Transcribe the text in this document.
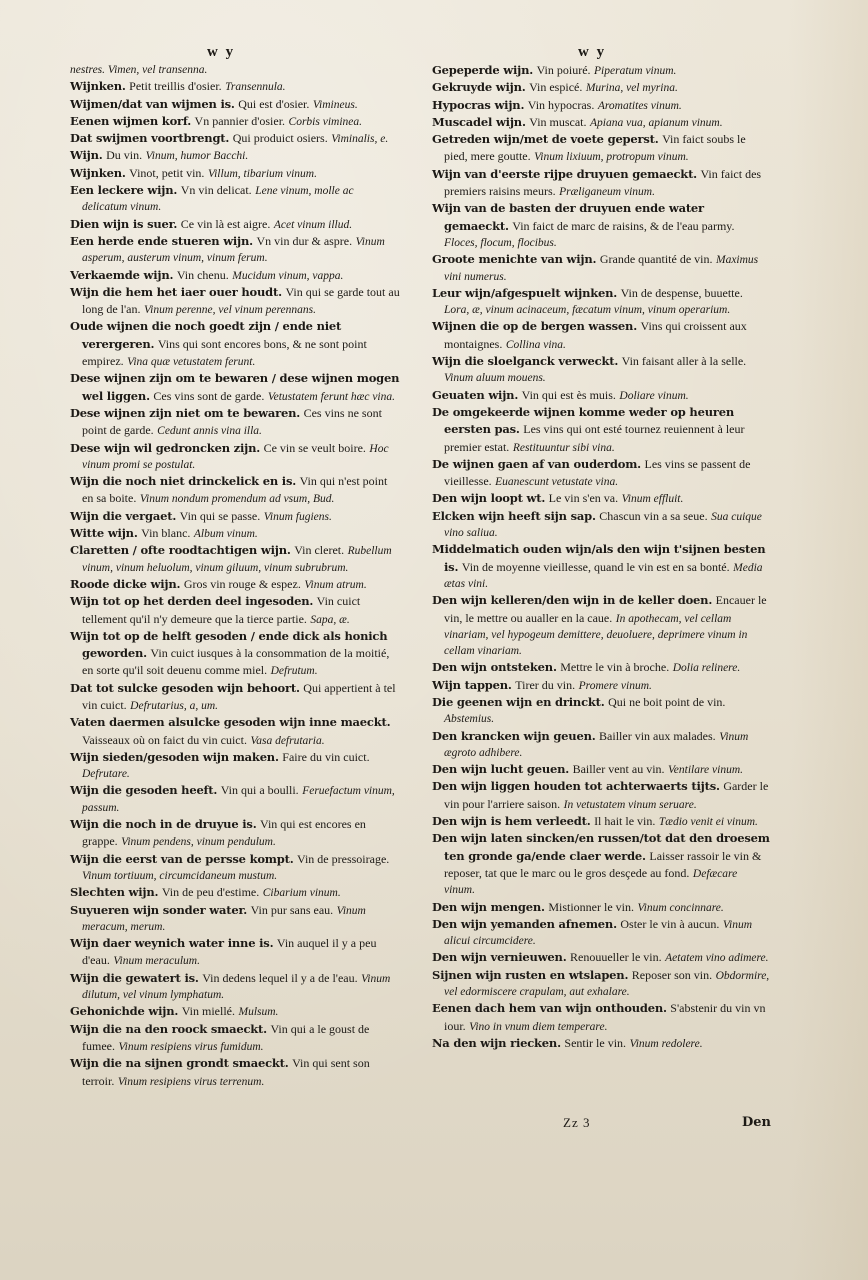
w y	w y
nestres. Vimen, vel transenna.
Wijnken. Petit treillis d'osier. Transennula.
Wijmen/dat van wijmen is. Qui est d'osier. Vimineus.
Eenen wijmen korf. Vn pannier d'osier. Corbis viminea.
Dat swijmen voortbrengt. Qui produict osiers. Viminalis, e.
Wijn. Du vin. Vinum, humor Bacchi.
Wijnken. Vinot, petit vin. Villum, tibarium vinum.
Een leckere wijn. Vn vin delicat. Lene vinum, molle ac delicatum vinum.
Dien wijn is suer. Ce vin là est aigre. Acet vinum illud.
Een herde ende stueren wijn. Vn vin dur & aspre. Vinum asperum, austerum vinum, vinum ferum.
Verkaemde wijn. Vin chenu. Mucidum vinum, vappa.
Wijn die hem het iaer ouer houdt. Vin qui se garde tout au long de l'an. Vinum perenne, vel vinum perennans.
Oude wijnen die noch goedt zijn / ende niet verergeren. Vins qui sont encores bons, & ne sont point empirez. Vina quæ vetustatem ferunt.
Dese wijnen zijn om te bewaren / dese wijnen mogen wel liggen. Ces vins sont de garde. Vetustatem ferunt hæc vina.
Dese wijnen zijn niet om te bewaren. Ces vins ne sont point de garde. Cedunt annis vina illa.
Dese wijn wil gedroncken zijn. Ce vin se veult boire. Hoc vinum promi se postulat.
Wijn die noch niet drinckelick en is. Vin qui n'est point en sa boite. Vinum nondum promendum ad vsum, Bud.
Wijn die vergaet. Vin qui se passe. Vinum fugiens.
Witte wijn. Vin blanc. Album vinum.
Claretten / ofte roodtachtigen wijn. Vin cleret. Rubellum vinum, vinum heluolum, vinum giluum, vinum subrubrum.
Roode dicke wijn. Gros vin rouge & espez. Vinum atrum.
Wijn tot op het derden deel ingesoden. Vin cuict tellement qu'il n'y demeure que la tierce partie. Sapa, æ.
Wijn tot op de helft gesoden / ende dick als honich geworden. Vin cuict iusques à la consommation de la moitié, en sorte qu'il soit deuenu comme miel. Defrutum.
Dat tot sulcke gesoden wijn behoort. Qui appertient à tel vin cuict. Defrutarius, a, um.
Vaten daermen alsulcke gesoden wijn inne maeckt. Vaisseaux où on faict du vin cuict. Vasa defrutaria.
Wijn sieden/gesoden wijn maken. Faire du vin cuict. Defrutare.
Wijn die gesoden heeft. Vin qui a boulli. Feruefactum vinum, passum.
Wijn die noch in de druyue is. Vin qui est encores en grappe. Vinum pendens, vinum pendulum.
Wijn die eerst van de persse kompt. Vin de pressoirage. Vinum tortiuum, circumcidaneum mustum.
Slechten wijn. Vin de peu d'estime. Cibarium vinum.
Suyueren wijn sonder water. Vin pur sans eau. Vinum meracum, merum.
Wijn daer weynich water inne is. Vin auquel il y a peu d'eau. Vinum meraculum.
Wijn die gewatert is. Vin dedens lequel il y a de l'eau. Vinum dilutum, vel vinum lymphatum.
Gehonichde wijn. Vin miellé. Mulsum.
Wijn die na den roock smaeckt. Vin qui a le goust de fumee. Vinum resipiens virus fumidum.
Wijn die na sijnen grondt smaeckt. Vin qui sent son terroir. Vinum resipiens virus terrenum.
Gepeperde wijn. Vin poiuré. Piperatum vinum.
Gekruyde wijn. Vin espicé. Murina, vel myrina.
Hypocras wijn. Vin hypocras. Aromatites vinum.
Muscadel wijn. Vin muscat. Apiana vua, apianum vinum.
Getreden wijn/met de voete geperst. Vin faict soubs le pied, mere goutte. Vinum lixiuum, protropum vinum.
Wijn van d'eerste rijpe druyuen gemaeckt. Vin faict des premiers raisins meurs. Præliganeum vinum.
Wijn van de basten der druyuen ende water gemaeckt. Vin faict de marc de raisins, & de l'eau parmy. Floces, flocum, flocibus.
Groote menichte van wijn. Grande quantité de vin. Maximus vini numerus.
Leur wijn/afgespuelt wijnken. Vin de despense, buuette. Lora, æ, vinum acinaceum, fæcatum vinum, vinum operarium.
Wijnen die op de bergen wassen. Vins qui croissent aux montaignes. Collina vina.
Wijn die sloelganck verweckt. Vin faisant aller à la selle. Vinum aluum mouens.
Geuaten wijn. Vin qui est ès muis. Doliare vinum.
De omgekeerde wijnen komme weder op heuren eersten pas. Les vins qui ont esté tournez reuiennent à leur premier estat. Restituuntur sibi vina.
De wijnen gaen af van ouderdom. Les vins se passent de vieillesse. Euanescunt vetustate vina.
Den wijn loopt wt. Le vin s'en va. Vinum effluit.
Elcken wijn heeft sijn sap. Chascun vin a sa seue. Sua cuique vino saliua.
Middelmatich ouden wijn/als den wijn t'sijnen besten is. Vin de moyenne vieillesse, quand le vin est en sa bonté. Media ætas vini.
Den wijn kelleren/den wijn in de keller doen. Encauer le vin, le mettre ou aualler en la caue. In apothecam, vel cellam vinariam, vel hypogeum demittere, deuoluere, deprimere vinum in cellam vinariam.
Den wijn ontsteken. Mettre le vin à broche. Dolia relinere.
Wijn tappen. Tirer du vin. Promere vinum.
Die geenen wijn en drinckt. Qui ne boit point de vin. Abstemius.
Den krancken wijn geuen. Bailler vin aux malades. Vinum ægroto adhibere.
Den wijn lucht geuen. Bailler vent au vin. Ventilare vinum.
Den wijn liggen houden tot achterwaerts tijts. Garder le vin pour l'arriere saison. In vetustatem vinum seruare.
Den wijn is hem verleedt. Il hait le vin. Tædio venit ei vinum.
Den wijn laten sincken/en russen/tot dat den droesem ten gronde ga/ende claer werde. Laisser rassoir le vin & reposer, tat que le marc ou le gros desçede au fond. Defæcare vinum.
Den wijn mengen. Mistionner le vin. Vinum concinnare.
Den wijn yemanden afnemen. Oster le vin à aucun. Vinum alicui circumcidere.
Den wijn vernieuwen. Renouueller le vin. Aetatem vino adimere.
Sijnen wijn rusten en wtslapen. Reposer son vin. Obdormire, vel edormiscere crapulam, aut exhalare.
Eenen dach hem van wijn onthouden. S'abstenir du vin vn iour. Vino in vnum diem temperare.
Na den wijn riecken. Sentir le vin. Vinum redolere.
Zz 3	Den
